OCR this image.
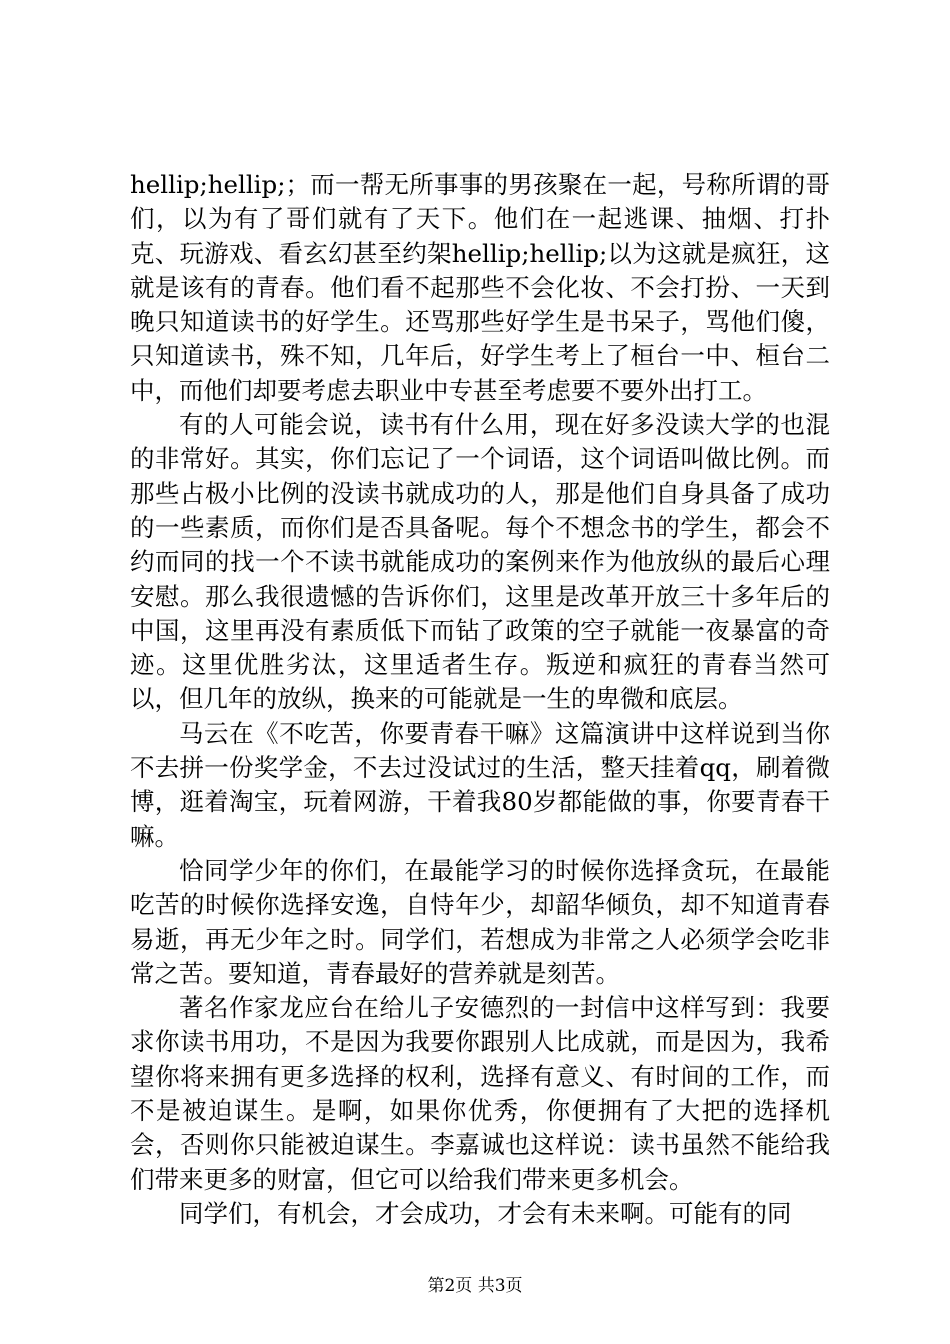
hellip;hellip;；而一帮无所事事的男孩聚在一起，号称所谓的哥们，以为有了哥们就有了天下。他们在一起逃课、抽烟、打扑克、玩游戏、看玄幻甚至约架hellip;hellip;以为这就是疯狂，这就是该有的青春。他们看不起那些不会化妆、不会打扮、一天到晚只知道读书的好学生。还骂那些好学生是书呆子，骂他们傻，只知道读书，殊不知，几年后，好学生考上了桓台一中、桓台二中，而他们却要考虑去职业中专甚至考虑要不要外出打工。

有的人可能会说，读书有什么用，现在好多没读大学的也混的非常好。其实，你们忘记了一个词语，这个词语叫做比例。而那些占极小比例的没读书就成功的人，那是他们自身具备了成功的一些素质，而你们是否具备呢。每个不想念书的学生，都会不约而同的找一个不读书就能成功的案例来作为他放纵的最后心理安慰。那么我很遗憾的告诉你们，这里是改革开放三十多年后的中国，这里再没有素质低下而钻了政策的空子就能一夜暴富的奇迹。这里优胜劣汰，这里适者生存。叛逆和疯狂的青春当然可以，但几年的放纵，换来的可能就是一生的卑微和底层。

马云在《不吃苦，你要青春干嘛》这篇演讲中这样说到当你不去拼一份奖学金，不去过没试过的生活，整天挂着qq，刷着微博，逛着淘宝，玩着网游，干着我80岁都能做的事，你要青春干嘛。

恰同学少年的你们，在最能学习的时候你选择贪玩，在最能吃苦的时候你选择安逸，自恃年少，却韶华倾负，却不知道青春易逝，再无少年之时。同学们，若想成为非常之人必须学会吃非常之苦。要知道，青春最好的营养就是刻苦。

著名作家龙应台在给儿子安德烈的一封信中这样写到：我要求你读书用功，不是因为我要你跟别人比成就，而是因为，我希望你将来拥有更多选择的权利，选择有意义、有时间的工作，而不是被迫谋生。是啊，如果你优秀，你便拥有了大把的选择机会，否则你只能被迫谋生。李嘉诚也这样说：读书虽然不能给我们带来更多的财富，但它可以给我们带来更多机会。

同学们，有机会，才会成功，才会有未来啊。可能有的同

第2页 共3页
